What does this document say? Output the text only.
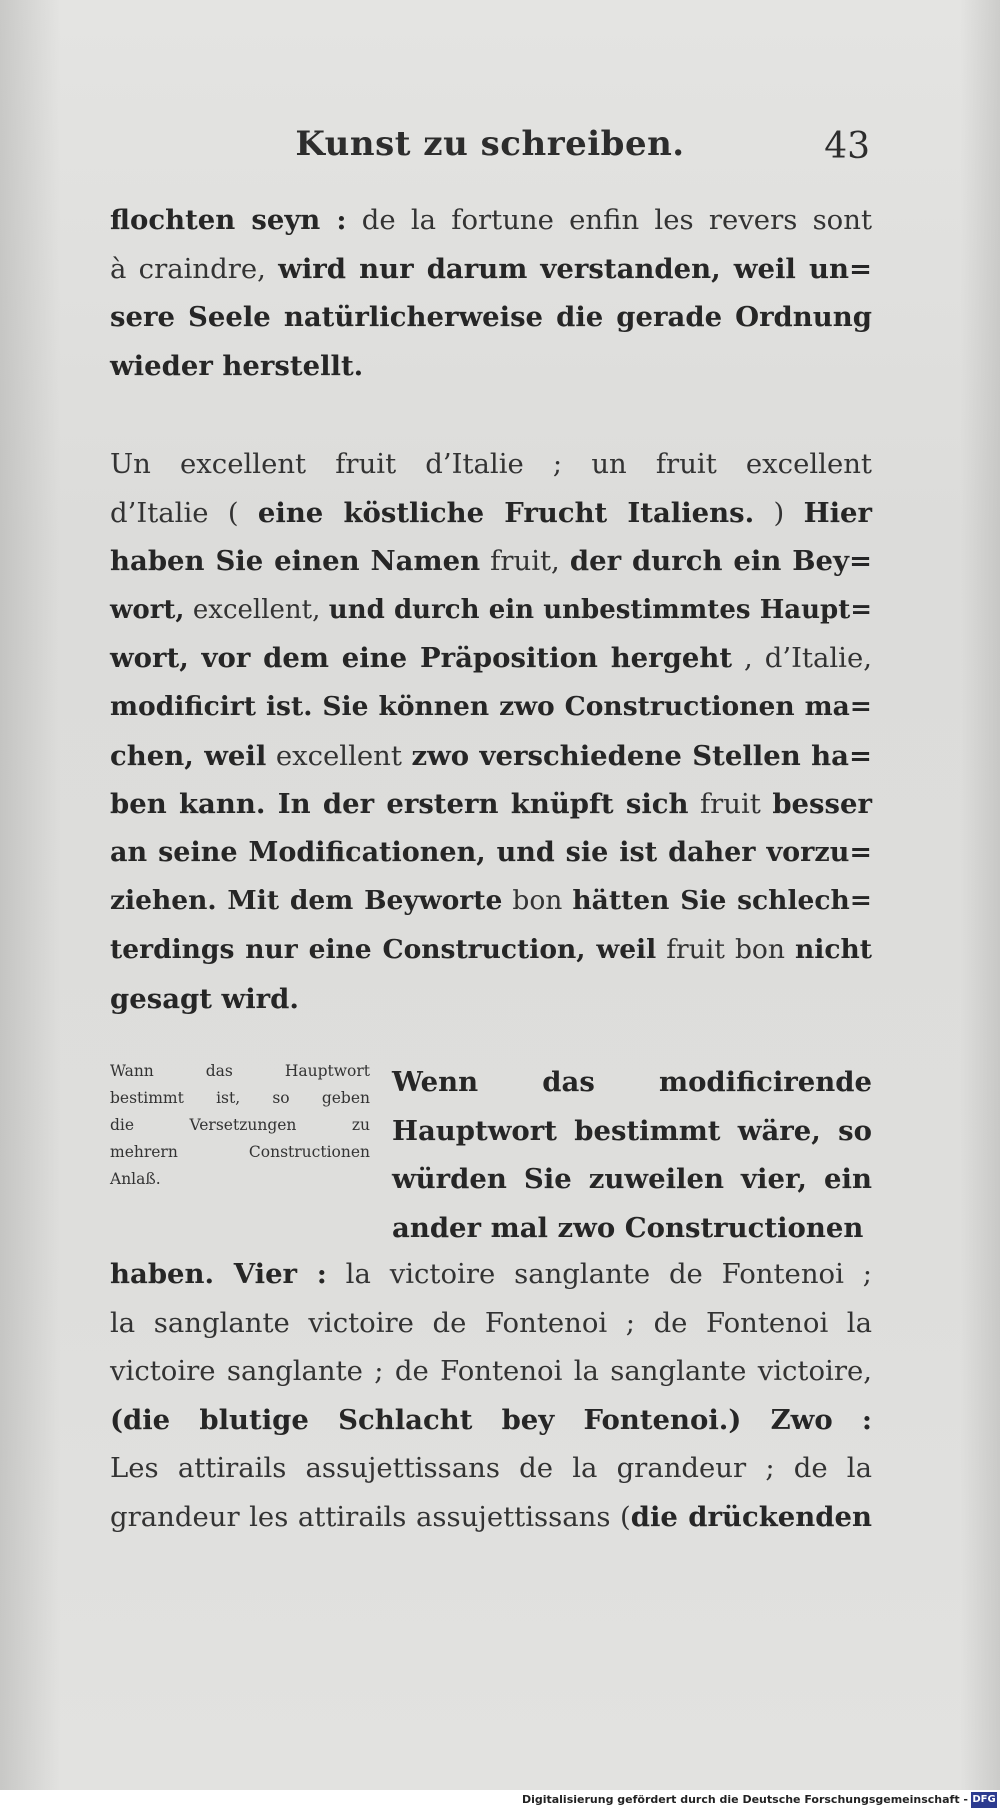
Kunst zu schreiben.	43
flochten seyn : de la fortune enfin les revers sont
à craindre, wird nur darum verstanden, weil un=
sere Seele natürlicherweise die gerade Ordnung
wieder herstellt.
Un excellent fruit d’Italie ; un fruit excellent
d’Italie ( eine köstliche Frucht Italiens. ) Hier
haben Sie einen Namen fruit, der durch ein Bey=
wort, excellent, und durch ein unbestimmtes Haupt=
wort, vor dem eine Präposition hergeht , d’Italie,
modificirt ist. Sie können zwo Constructionen ma=
chen, weil excellent zwo verschiedene Stellen ha=
ben kann. In der erstern knüpft sich fruit besser
an seine Modificationen, und sie ist daher vorzu=
ziehen. Mit dem Beyworte bon hätten Sie schlech=
terdings nur eine Construction, weil fruit bon nicht
gesagt wird.
Wann das Hauptwort
bestimmt ist, so geben
die Versetzungen zu
mehrern Constructionen
Anlaß.
Wenn das modificirende
Hauptwort bestimmt wäre, so
würden Sie zuweilen vier, ein
ander mal zwo Constructionen
haben. Vier : la victoire sanglante de Fontenoi ;
la sanglante victoire de Fontenoi ; de Fontenoi la
victoire sanglante ; de Fontenoi la sanglante victoire,
(die blutige Schlacht bey Fontenoi.) Zwo :
Les attirails assujettissans de la grandeur ; de la
grandeur les attirails assujettissans (die drückenden
Digitalisierung gefördert durch die Deutsche Forschungsgemeinschaft - DFG
